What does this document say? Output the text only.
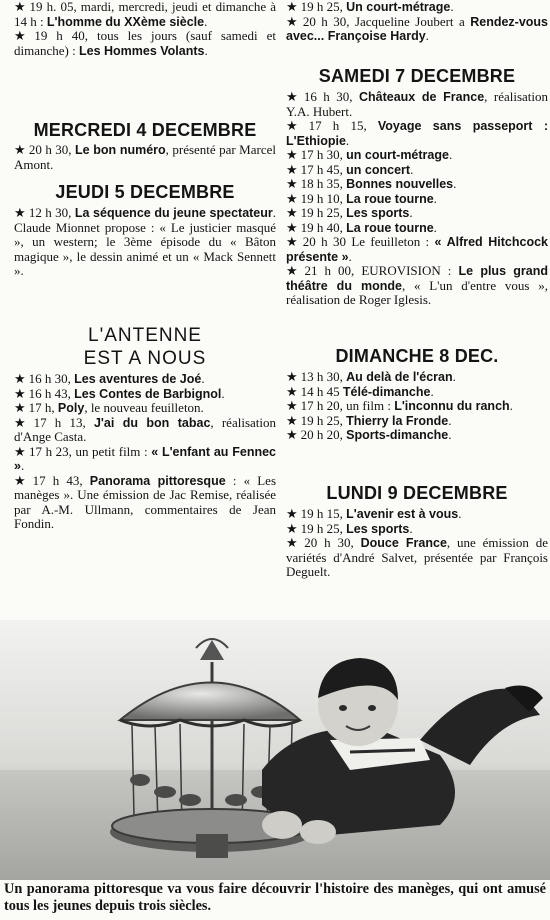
★ 19 h. 05, mardi, mercredi, jeudi et dimanche à 14 h : L'homme du XXème siècle.
★ 19 h 40, tous les jours (sauf samedi et dimanche) : Les Hommes Volants.
MERCREDI 4 DECEMBRE
★ 20 h 30, Le bon numéro, présenté par Marcel Amont.
JEUDI 5 DECEMBRE
★ 12 h 30, La séquence du jeune spectateur. Claude Mionnet propose : « Le justicier masqué », un western; le 3ème épisode du « Bâton magique », le dessin animé et un « Mack Sennett ».
L'ANTENNE
EST A NOUS
★ 16 h 30, Les aventures de Joé.
★ 16 h 43, Les Contes de Barbignol.
★ 17 h, Poly, le nouveau feuilleton.
★ 17 h 13, J'ai du bon tabac, réalisation d'Ange Casta.
★ 17 h 23, un petit film : « L'enfant au Fennec ».
★ 17 h 43, Panorama pittoresque : « Les manèges ». Une émission de Jac Remise, réalisée par A.-M. Ullmann, commentaires de Jean Fondin.
★ 19 h 25, Un court-métrage.
★ 20 h 30, Jacqueline Joubert a Rendez-vous avec... Françoise Hardy.
SAMEDI 7 DECEMBRE
★ 16 h 30, Châteaux de France, réalisation Y.A. Hubert.
★ 17 h 15, Voyage sans passeport : L'Ethiopie.
★ 17 h 30, un court-métrage.
★ 17 h 45, un concert.
★ 18 h 35, Bonnes nouvelles.
★ 19 h 10, La roue tourne.
★ 19 h 25, Les sports.
★ 19 h 40, La roue tourne.
★ 20 h 30 Le feuilleton : « Alfred Hitchcock présente ».
★ 21 h 00, EUROVISION : Le plus grand théâtre du monde, « L'un d'entre vous », réalisation de Roger Iglesis.
DIMANCHE 8 DEC.
★ 13 h 30, Au delà de l'écran.
★ 14 h 45 Télé-dimanche.
★ 17 h 20, un film : L'inconnu du ranch.
★ 19 h 25, Thierry la Fronde.
★ 20 h 20, Sports-dimanche.
LUNDI 9 DECEMBRE
★ 19 h 15, L'avenir est à vous.
★ 19 h 25, Les sports.
★ 20 h 30, Douce France, une émission de variétés d'André Salvet, présentée par François Deguelt.
Un panorama pittoresque va vous faire découvrir l'histoire des manèges, qui ont amusé tous les jeunes depuis trois siècles.
